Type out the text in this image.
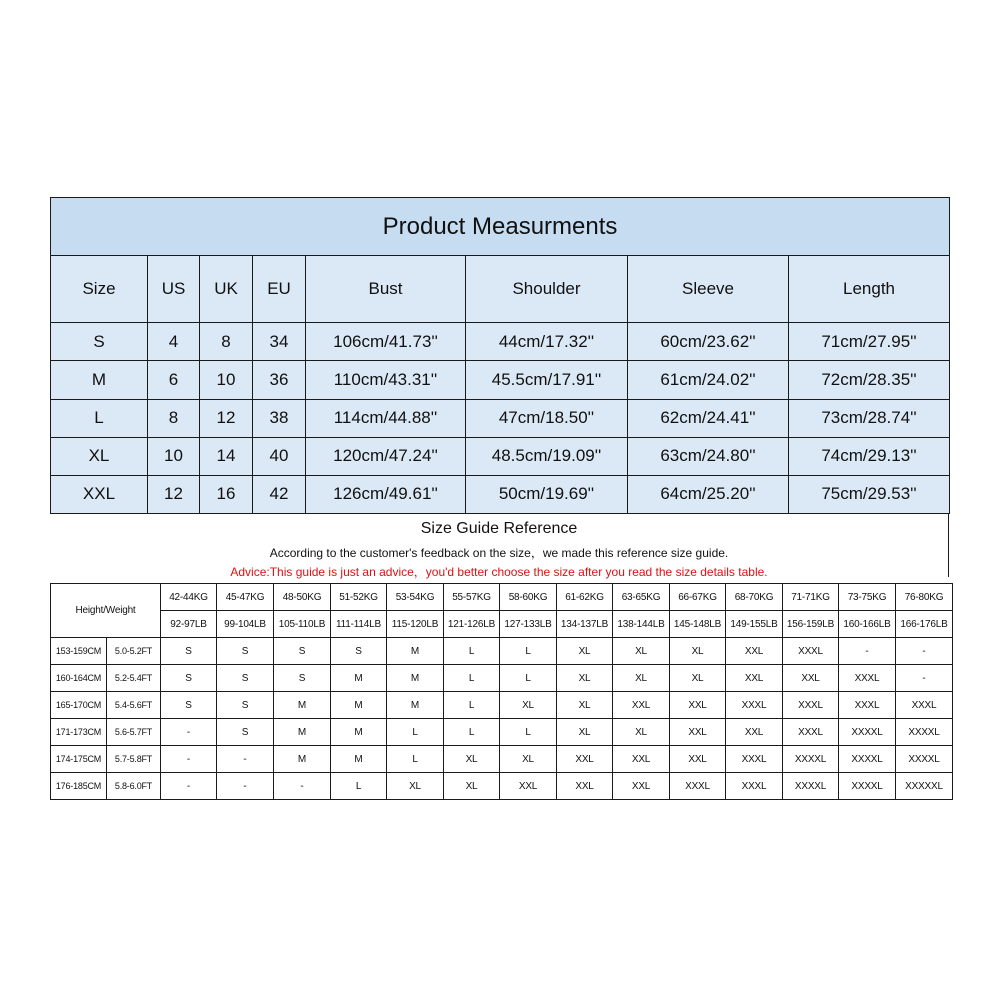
Product Measurments							
Size	US	UK	EU	Bust	Shoulder	Sleeve	Length
S	4	8	34	106cm/41.73''	44cm/17.32''	60cm/23.62''	71cm/27.95''
M	6	10	36	110cm/43.31''	45.5cm/17.91''	61cm/24.02''	72cm/28.35''
L	8	12	38	114cm/44.88''	47cm/18.50''	62cm/24.41''	73cm/28.74''
XL	10	14	40	120cm/47.24''	48.5cm/19.09''	63cm/24.80''	74cm/29.13''
XXL	12	16	42	126cm/49.61''	50cm/19.69''	64cm/25.20''	75cm/29.53''
Size Guide Reference
According to the customer's feedback on the size，we made this reference size guide.
Advice:This guide is just an advice，you'd better choose the size after you read the size details table.
Height/Weight		42-44KG	45-47KG	48-50KG	51-52KG	53-54KG	55-57KG	58-60KG	61-62KG	63-65KG	66-67KG	68-70KG	71-71KG	73-75KG	76-80KG
		92-97LB	99-104LB	105-110LB	111-114LB	115-120LB	121-126LB	127-133LB	134-137LB	138-144LB	145-148LB	149-155LB	156-159LB	160-166LB	166-176LB
153-159CM	5.0-5.2FT	S	S	S	S	M	L	L	XL	XL	XL	XXL	XXXL	-	-
160-164CM	5.2-5.4FT	S	S	S	M	M	L	L	XL	XL	XL	XXL	XXL	XXXL	-
165-170CM	5.4-5.6FT	S	S	M	M	M	L	XL	XL	XXL	XXL	XXXL	XXXL	XXXL	XXXL
171-173CM	5.6-5.7FT	-	S	M	M	L	L	L	XL	XL	XXL	XXL	XXXL	XXXXL	XXXXL
174-175CM	5.7-5.8FT	-	-	M	M	L	XL	XL	XXL	XXL	XXL	XXXL	XXXXL	XXXXL	XXXXL
176-185CM	5.8-6.0FT	-	-	-	L	XL	XL	XXL	XXL	XXL	XXXL	XXXL	XXXXL	XXXXL	XXXXXL
